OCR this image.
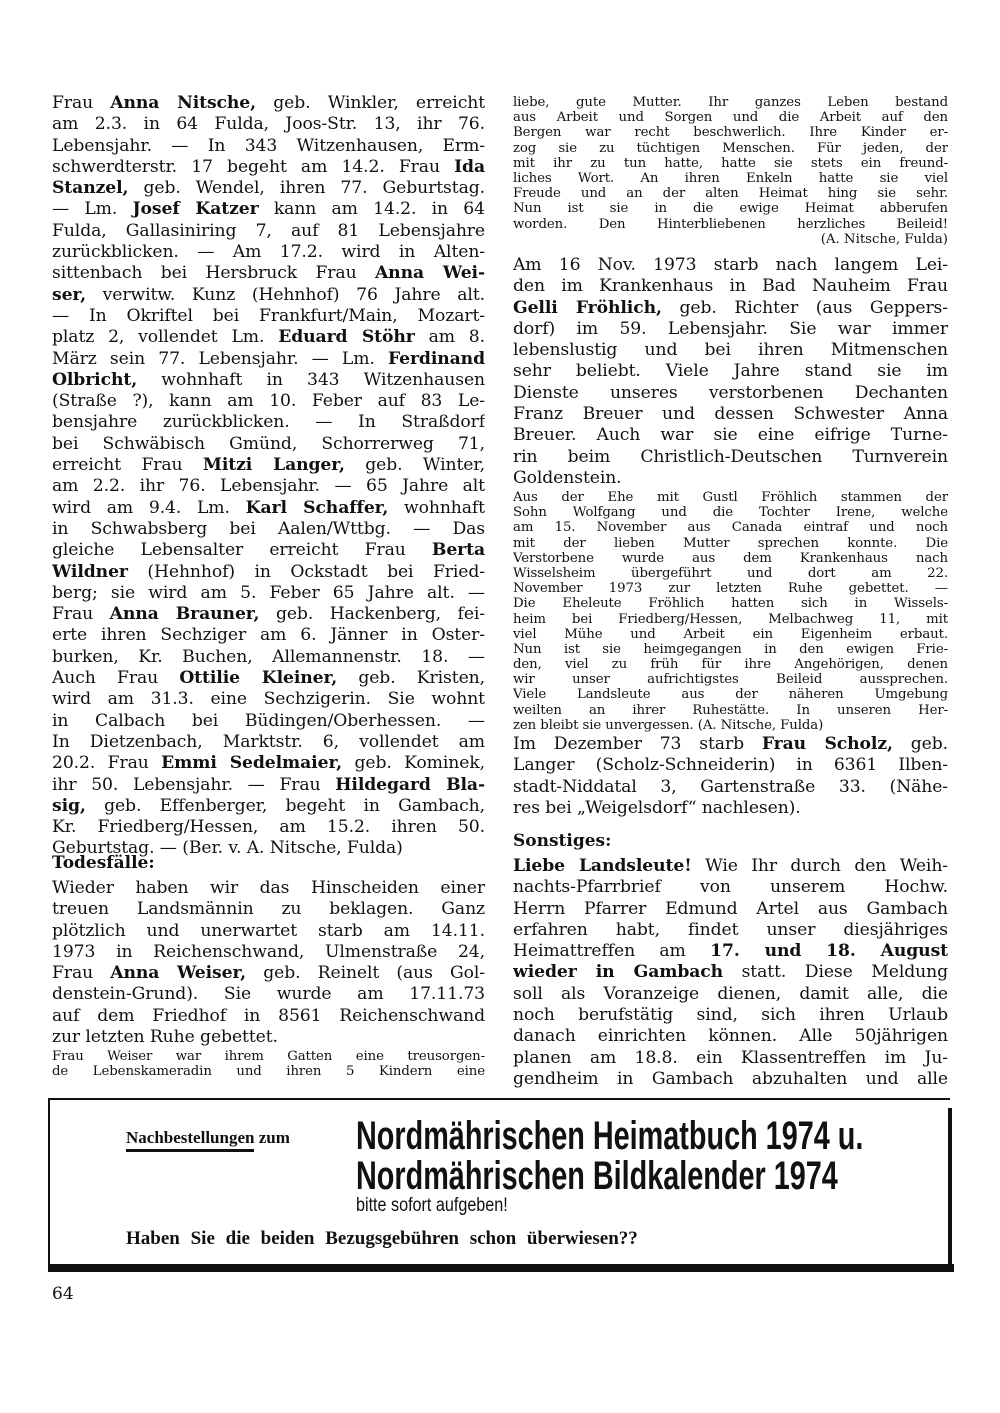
Frau Anna Nitsche, geb. Winkler, erreicht
am 2.3. in 64 Fulda, Joos-Str. 13, ihr 76.
Lebensjahr. — In 343 Witzenhausen, Erm-
schwerdterstr. 17 begeht am 14.2. Frau Ida
Stanzel, geb. Wendel, ihren 77. Geburtstag.
— Lm. Josef Katzer kann am 14.2. in 64
Fulda, Gallasiniring 7, auf 81 Lebensjahre
zurückblicken. — Am 17.2. wird in Alten-
sittenbach bei Hersbruck Frau Anna Wei-
ser, verwitw. Kunz (Hehnhof) 76 Jahre alt.
— In Okriftel bei Frankfurt/Main, Mozart-
platz 2, vollendet Lm. Eduard Stöhr am 8.
März sein 77. Lebensjahr. — Lm. Ferdinand
Olbricht, wohnhaft in 343 Witzenhausen
(Straße ?), kann am 10. Feber auf 83 Le-
bensjahre zurückblicken. — In Straßdorf
bei Schwäbisch Gmünd, Schorrerweg 71,
erreicht Frau Mitzi Langer, geb. Winter,
am 2.2. ihr 76. Lebensjahr. — 65 Jahre alt
wird am 9.4. Lm. Karl Schaffer, wohnhaft
in Schwabsberg bei Aalen/Wttbg. — Das
gleiche Lebensalter erreicht Frau Berta
Wildner (Hehnhof) in Ockstadt bei Fried-
berg; sie wird am 5. Feber 65 Jahre alt. —
Frau Anna Brauner, geb. Hackenberg, fei-
erte ihren Sechziger am 6. Jänner in Oster-
burken, Kr. Buchen, Allemannenstr. 18. —
Auch Frau Ottilie Kleiner, geb. Kristen,
wird am 31.3. eine Sechzigerin. Sie wohnt
in Calbach bei Büdingen/Oberhessen. —
In Dietzenbach, Marktstr. 6, vollendet am
20.2. Frau Emmi Sedelmaier, geb. Kominek,
ihr 50. Lebensjahr. — Frau Hildegard Bla-
sig, geb. Effenberger, begeht in Gambach,
Kr. Friedberg/Hessen, am 15.2. ihren 50.
Geburtstag. — (Ber. v. A. Nitsche, Fulda)
Todesfälle:
Wieder haben wir das Hinscheiden einer
treuen Landsmännin zu beklagen. Ganz
plötzlich und unerwartet starb am 14.11.
1973 in Reichenschwand, Ulmenstraße 24,
Frau Anna Weiser, geb. Reinelt (aus Gol-
denstein-Grund). Sie wurde am 17.11.73
auf dem Friedhof in 8561 Reichenschwand
zur letzten Ruhe gebettet.
Frau Weiser war ihrem Gatten eine treusorgen-
de Lebenskameradin und ihren 5 Kindern eine
liebe, gute Mutter. Ihr ganzes Leben bestand
aus Arbeit und Sorgen und die Arbeit auf den
Bergen war recht beschwerlich. Ihre Kinder er-
zog sie zu tüchtigen Menschen. Für jeden, der
mit ihr zu tun hatte, hatte sie stets ein freund-
liches Wort. An ihren Enkeln hatte sie viel
Freude und an der alten Heimat hing sie sehr.
Nun ist sie in die ewige Heimat abberufen
worden. Den Hinterbliebenen herzliches Beileid!
(A. Nitsche, Fulda)
Am 16 Nov. 1973 starb nach langem Lei-
den im Krankenhaus in Bad Nauheim Frau
Gelli Fröhlich, geb. Richter (aus Geppers-
dorf) im 59. Lebensjahr. Sie war immer
lebenslustig und bei ihren Mitmenschen
sehr beliebt. Viele Jahre stand sie im
Dienste unseres verstorbenen Dechanten
Franz Breuer und dessen Schwester Anna
Breuer. Auch war sie eine eifrige Turne-
rin beim Christlich-Deutschen Turnverein
Goldenstein.
Aus der Ehe mit Gustl Fröhlich stammen der
Sohn Wolfgang und die Tochter Irene, welche
am 15. November aus Canada eintraf und noch
mit der lieben Mutter sprechen konnte. Die
Verstorbene wurde aus dem Krankenhaus nach
Wisselsheim übergeführt und dort am 22.
November 1973 zur letzten Ruhe gebettet. —
Die Eheleute Fröhlich hatten sich in Wissels-
heim bei Friedberg/Hessen, Melbachweg 11, mit
viel Mühe und Arbeit ein Eigenheim erbaut.
Nun ist sie heimgegangen in den ewigen Frie-
den, viel zu früh für ihre Angehörigen, denen
wir unser aufrichtigstes Beileid aussprechen.
Viele Landsleute aus der näheren Umgebung
weilten an ihrer Ruhestätte. In unseren Her-
zen bleibt sie unvergessen. (A. Nitsche, Fulda)
Im Dezember 73 starb Frau Scholz, geb.
Langer (Scholz-Schneiderin) in 6361 Ilben-
stadt-Niddatal 3, Gartenstraße 33. (Nähe-
res bei „Weigelsdorf“ nachlesen).
Sonstiges:
Liebe Landsleute! Wie Ihr durch den Weih-
nachts-Pfarrbrief von unserem Hochw.
Herrn Pfarrer Edmund Artel aus Gambach
erfahren habt, findet unser diesjähriges
Heimattreffen am 17. und 18. August
wieder in Gambach statt. Diese Meldung
soll als Voranzeige dienen, damit alle, die
noch berufstätig sind, sich ihren Urlaub
danach einrichten können. Alle 50jährigen
planen am 18.8. ein Klassentreffen im Ju-
gendheim in Gambach abzuhalten und alle
Nachbestellungen zum Nordmährischen Heimatbuch 1974 u.
Nordmährischen Bildkalender 1974
bitte sofort aufgeben!
Haben Sie die beiden Bezugsgebühren schon überwiesen??
64
